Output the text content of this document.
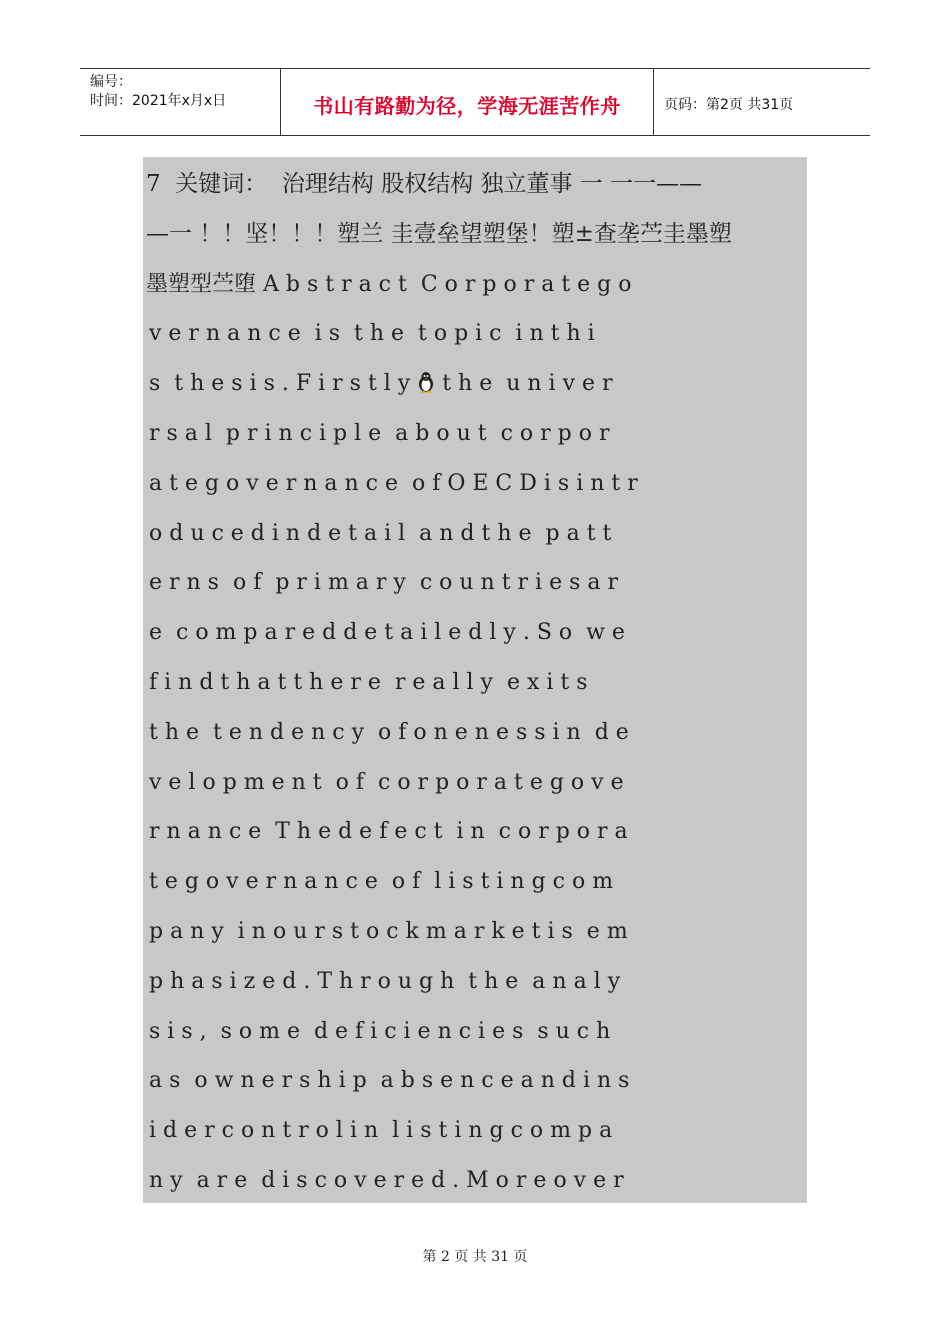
编号：
时间：2021年x月x日	书山有路勤为径，学海无涯苦作舟	页码：第2页 共31页
7  关键词：  治理结构 股权结构 独立董事 一 一一——
—一 ！！坚！！！塑兰 圭壹垒望塑堡！塑±查垄苎圭墨塑
墨塑型苎堕 A b s t r a c t  C o r p o r a t e g o
v e r n a n c e  i s  t h e  t o p i c  i n t h i
s  t h e s i s . F i r s t l y  t h e  u n i v e r
r s a l  p r i n c i p l e  a b o u t  c o r p o r
a t e g o v e r n a n c e  o f O E C D i s i n t r
o d u c e d i n d e t a i l  a n d t h e  p a t t
e r n s  o f  p r i m a r y  c o u n t r i e s a r
e  c o m p a r e d d e t a i l e d l y . S o  w e
f i n d t h a t t h e r e  r e a l l y  e x i t s
t h e  t e n d e n c y  o f o n e n e s s i n  d e
v e l o p m e n t  o f  c o r p o r a t e g o v e
r n a n c e  T h e d e f e c t  i n  c o r p o r a
t e g o v e r n a n c e  o f  l i s t i n g c o m
p a n y  i n o u r s t o c k m a r k e t i s  e m
p h a s i z e d . T h r o u g h  t h e  a n a l y
s i s ,  s o m e  d e f i c i e n c i e s  s u c h
a s  o w n e r s h i p  a b s e n c e a n d i n s
i d e r c o n t r o l i n  l i s t i n g c o m p a
n y  a r e  d i s c o v e r e d . M o r e o v e r
第 2 页 共 31 页
